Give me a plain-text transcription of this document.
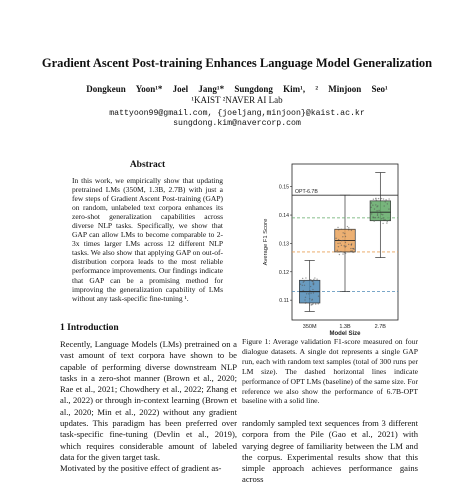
Gradient Ascent Post-training Enhances Language Model Generalization
Dongkeun Yoon¹* Joel Jang¹* Sungdong Kim¹, ² Minjoon Seo¹
¹KAIST ²NAVER AI Lab
mattyoon99@gmail.com, {joeljang,minjoon}@kaist.ac.kr
sungdong.kim@navercorp.com
Abstract

In this work, we empirically show that updating pretrained LMs (350M, 1.3B, 2.7B) with just a few steps of Gradient Ascent Post-training (GAP) on random, unlabeled text corpora enhances its zero-shot generalization capabilities across diverse NLP tasks. Specifically, we show that GAP can allow LMs to become comparable to 2-3x times larger LMs across 12 different NLP tasks. We also show that applying GAP on out-of-distribution corpora leads to the most reliable performance improvements. Our findings indicate that GAP can be a promising method for improving the generalization capability of LMs without any task-specific fine-tuning ¹.

1 Introduction

Recently, Language Models (LMs) pretrained on a vast amount of text corpora have shown to be capable of performing diverse downstream NLP tasks in a zero-shot manner (Brown et al., 2020; Rae et al., 2021; Chowdhery et al., 2022; Zhang et al., 2022) or through in-context learning (Brown et al., 2020; Min et al., 2022) without any gradient updates. This paradigm has been preferred over task-specific fine-tuning (Devlin et al., 2019), which requires considerable amount of labeled data for the given target task.

Motivated by the positive effect of gradient as-

0.11
0.12
0.13
0.14
0.15
350M	1.3B	2.7B
OPT-6.7B
Model Size
Average F1 Score

Figure 1: Average validation F1-score measured on four dialogue datasets. A single dot represents a single GAP run, each with random text samples (total of 300 runs per LM size). The dashed horizontal lines indicate performance of OPT LMs (baseline) of the same size. For reference we also show the performance of 6.7B-OPT baseline with a solid line.

randomly sampled text sequences from 3 different corpora from the Pile (Gao et al., 2021) with varying degree of familiarity between the LM and the corpus. Experimental results show that this simple approach achieves performance gains across
